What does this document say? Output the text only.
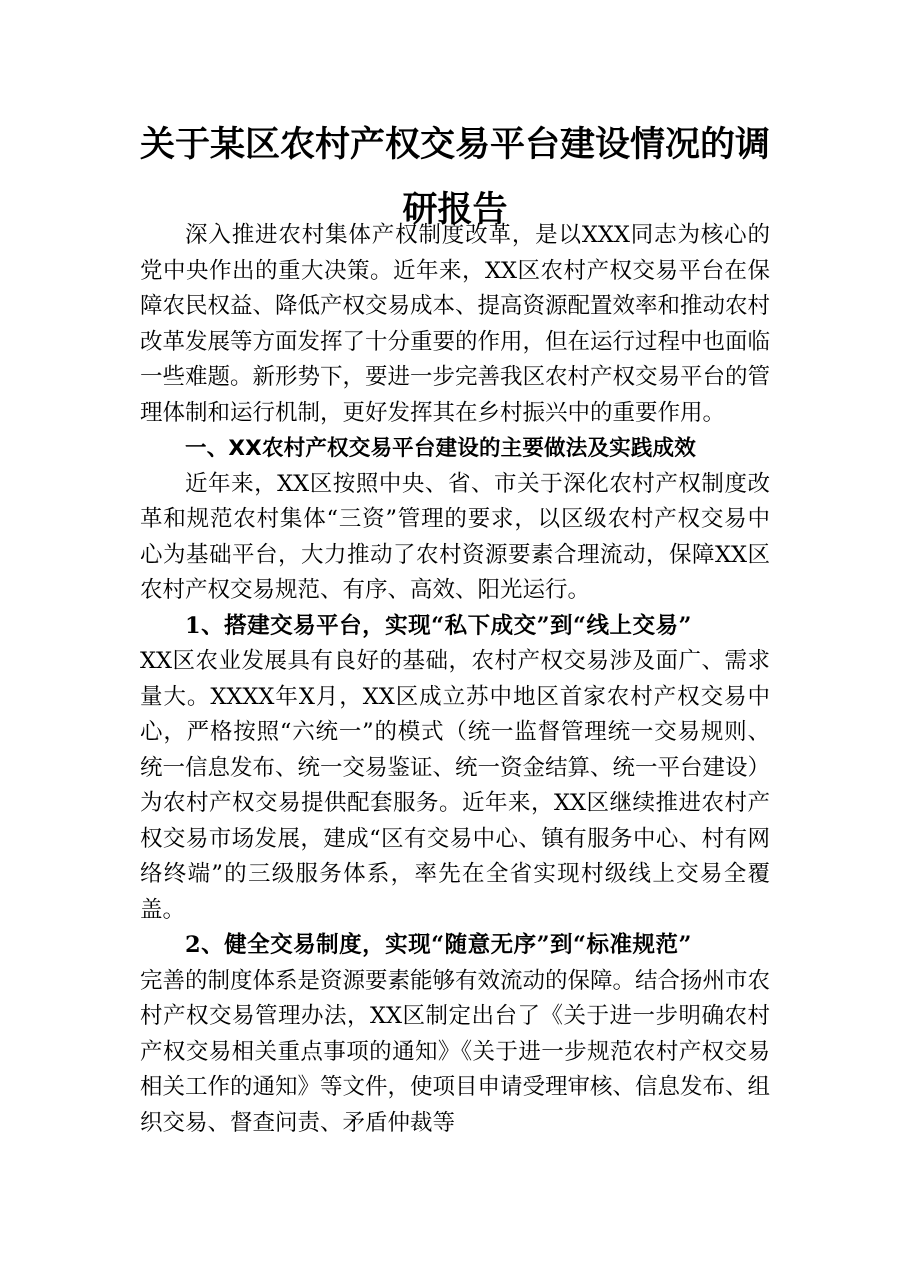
关于某区农村产权交易平台建设情况的调
研报告

深入推进农村集体产权制度改革，是以XXX同志为核心的党中央作出的重大决策。近年来，XX区农村产权交易平台在保障农民权益、降低产权交易成本、提高资源配置效率和推动农村改革发展等方面发挥了十分重要的作用，但在运行过程中也面临一些难题。新形势下，要进一步完善我区农村产权交易平台的管理体制和运行机制，更好发挥其在乡村振兴中的重要作用。

一、XX农村产权交易平台建设的主要做法及实践成效

近年来，XX区按照中央、省、市关于深化农村产权制度改革和规范农村集体“三资”管理的要求，以区级农村产权交易中心为基础平台，大力推动了农村资源要素合理流动，保障XX区农村产权交易规范、有序、高效、阳光运行。

1、搭建交易平台，实现“私下成交”到“线上交易”

XX区农业发展具有良好的基础，农村产权交易涉及面广、需求量大。XXXX年X月，XX区成立苏中地区首家农村产权交易中心，严格按照“六统一”的模式（统一监督管理统一交易规则、统一信息发布、统一交易鉴证、统一资金结算、统一平台建设）为农村产权交易提供配套服务。近年来，XX区继续推进农村产权交易市场发展，建成“区有交易中心、镇有服务中心、村有网络终端”的三级服务体系，率先在全省实现村级线上交易全覆盖。

2、健全交易制度，实现“随意无序”到“标准规范”

完善的制度体系是资源要素能够有效流动的保障。结合扬州市农村产权交易管理办法，XX区制定出台了《关于进一步明确农村产权交易相关重点事项的通知》《关于进一步规范农村产权交易相关工作的通知》等文件，使项目申请受理审核、信息发布、组织交易、督查问责、矛盾仲裁等
